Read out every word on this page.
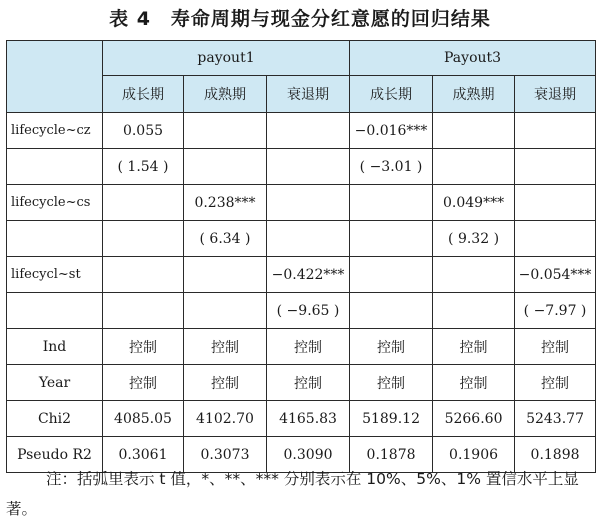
表 4　寿命周期与现金分红意愿的回归结果
	payout1			Payout3		
	成长期	成熟期	衰退期	成长期	成熟期	衰退期
lifecycle~cz	0.055			−0.016***		
	( 1.54 )			( −3.01 )		
lifecycle~cs		0.238***			0.049***	
		( 6.34 )			( 9.32 )	
lifecycl~st			−0.422***			−0.054***
			( −9.65 )			( −7.97 )
Ind	控制	控制	控制	控制	控制	控制
Year	控制	控制	控制	控制	控制	控制
Chi2	4085.05	4102.70	4165.83	5189.12	5266.60	5243.77
Pseudo R2	0.3061	0.3073	0.3090	0.1878	0.1906	0.1898
注：括弧里表示 t 值，*、**、*** 分别表示在 10%、5%、1% 置信水平上显著。
